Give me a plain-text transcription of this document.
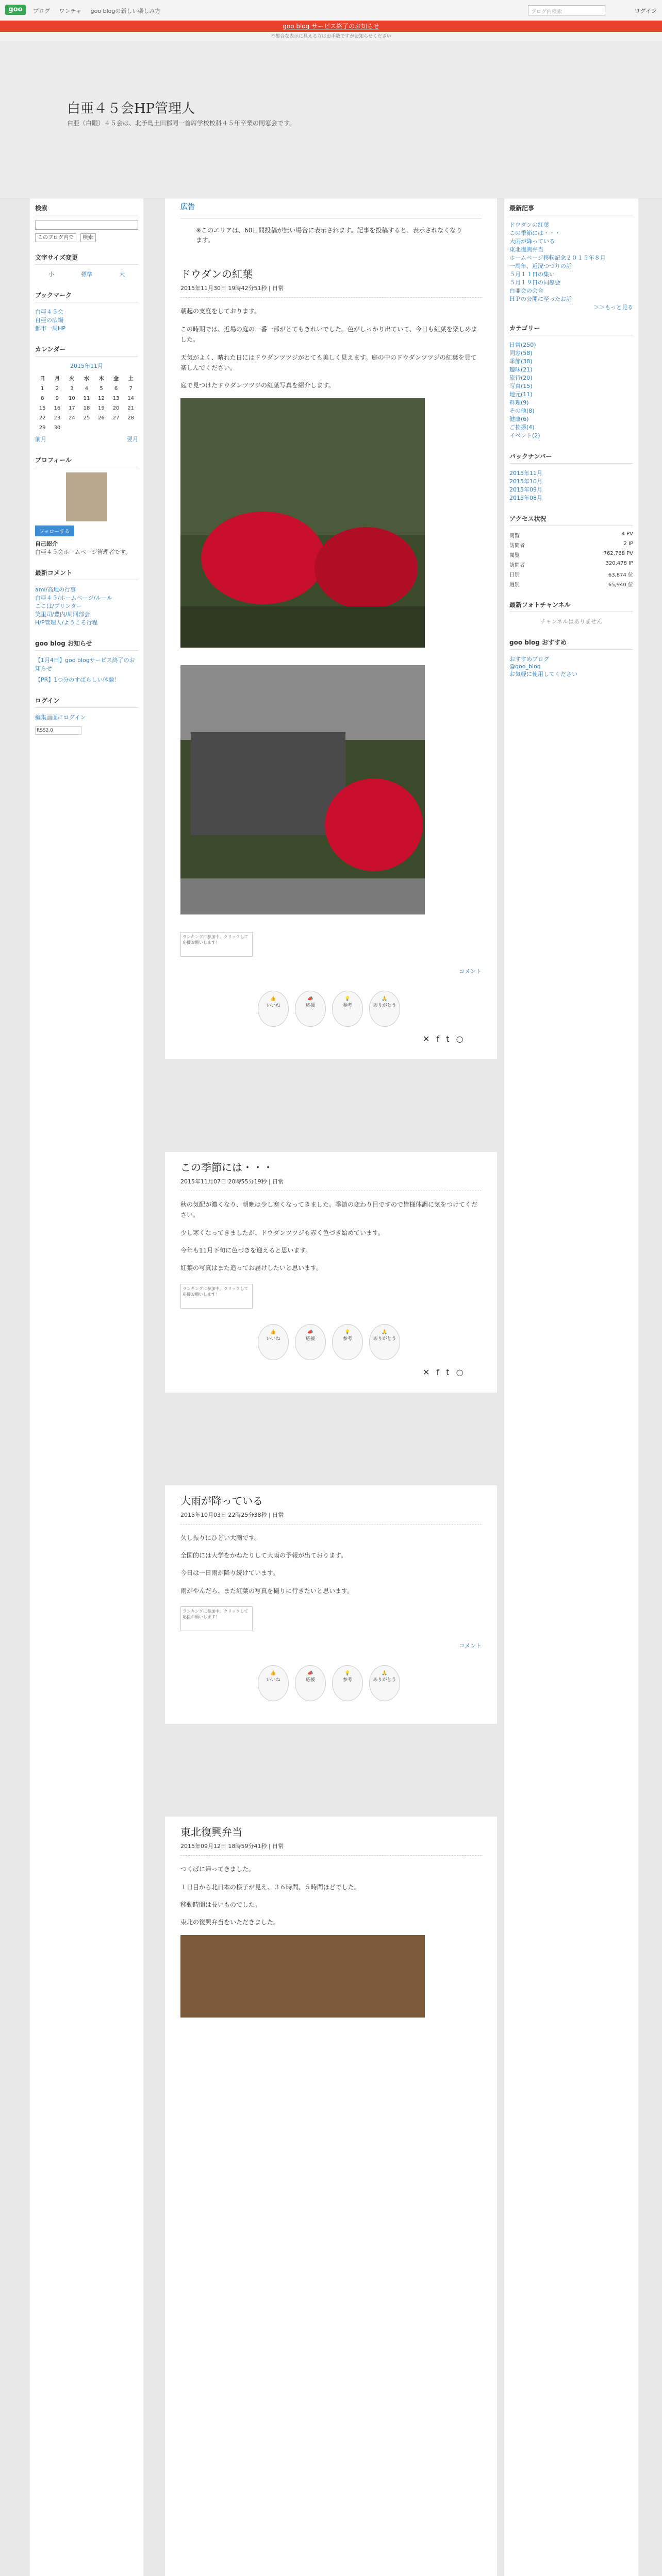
goo	ブログ ワンチャ goo blogの新しい楽しみ方	ブログ内検索	ログイン
goo blog サービス終了のお知らせ
不都合な表示に見える方はお手数ですがお知らせください
白亜４５会HP管理人
白亜（白眼）４５会は、北予島土田郡同一首席学校校科４５年卒業の同窓会です。
検索
このブログ内で 検索
文字サイズ変更
小	標準	大
ブックマーク
白亜４５会
自亜の広場
都市一周HP
カレンダー
2015年11月
日	月	火	水	木	金	土
1	2	3	4	5	6	7
8	9	10	11	12	13	14
15	16	17	18	19	20	21
22	23	24	25	26	27	28
29	30					
前月	翌月
プロフィール
フォローする
自己紹介
白亜４５会ホームページ管理者です。
最新コメント
ami/高地の行事
白亜４５/ホームページ/ルール
ここは/プリンター
笑里司/豊内/周回部会
H/P管理人/ようこそ行程
goo blog お知らせ
【1月4日】goo blogサービス終了のお知らせ
【PR】1つ分のすばらしい体験！
ログイン
編集画面にログイン
RSS2.0
広告
※このエリアは、60日間投稿が無い場合に表示されます。記事を投稿すると、表示されなくなります。
ドウダンの紅葉
2015年11月30日 19時42分51秒 | 日常

朝起の支度をしております。

この時期では、近場の庭の一番一部がとてもきれいでした。色がしっかり出ていて、今日も紅葉を楽しめました。

天気がよく、晴れた日にはドウダンツツジがとても美しく見えます。庭の中のドウダンツツジの紅葉を見て楽しんでください。

庭で見つけたドウダンツツジの紅葉写真を紹介します。

ランキングに参加中。クリックして応援お願いします！
コメント
👍
いいね
📣
応援
💡
参考
🙏
ありがとう
✕ f t ○
この季節には・・・
2015年11月07日 20時55分19秒 | 日常

秋の気配が濃くなり、朝晩は少し寒くなってきました。季節の変わり目ですので皆様体調に気をつけてください。

少し寒くなってきましたが、ドウダンツツジも赤く色づき始めています。

今年も11月下旬に色づきを迎えると思います。

紅葉の写真はまた追ってお届けしたいと思います。

ランキングに参加中。クリックして応援お願いします！
👍
いいね
📣
応援
💡
参考
🙏
ありがとう
✕ f t ○
大雨が降っている
2015年10月03日 22時25分38秒 | 日常

久し振りにひどい大雨です。

全国的には大学をかねたりして大雨の予報が出ております。

今日は一日雨が降り続けています。

雨がやんだら、また紅葉の写真を撮りに行きたいと思います。

ランキングに参加中。クリックして応援お願いします！
コメント
👍
いいね
📣
応援
💡
参考
🙏
ありがとう
東北復興弁当
2015年09月12日 18時59分41秒 | 日常

つくばに帰ってきました。

１日目から北日本の様子が見え、３６時間、５時間ほどでした。

移動時間は長いものでした。

東北の復興弁当をいただきました。

最新記事
ドウダンの紅葉
この季節には・・・
大雨が降っている
東北復興弁当
ホームページ移転記念２０１５年８月
一周年、近況つづりの話
５月１１日の集い
５月１９日の同窓会
白亜会の会合
ＨＰの公開に至ったお話
＞＞もっと見る
カテゴリー
日常(250)
同窓(58)
季節(38)
趣味(21)
旅行(20)
写真(15)
地元(11)
料理(9)
その他(8)
健康(6)
ご挨拶(4)
イベント(2)
バックナンバー
2015年11月
2015年10月
2015年09月
2015年08月
アクセス状況
閲覧	4 PV
訪問者	2 IP
閲覧	762,768 PV
訪問者	320,478 IP
日別	63,874 位
週別	65,940 位
最新フォトチャンネル
チャンネルはありません
goo blog おすすめ
おすすめブログ
@goo_blog
お気軽に使用してください
